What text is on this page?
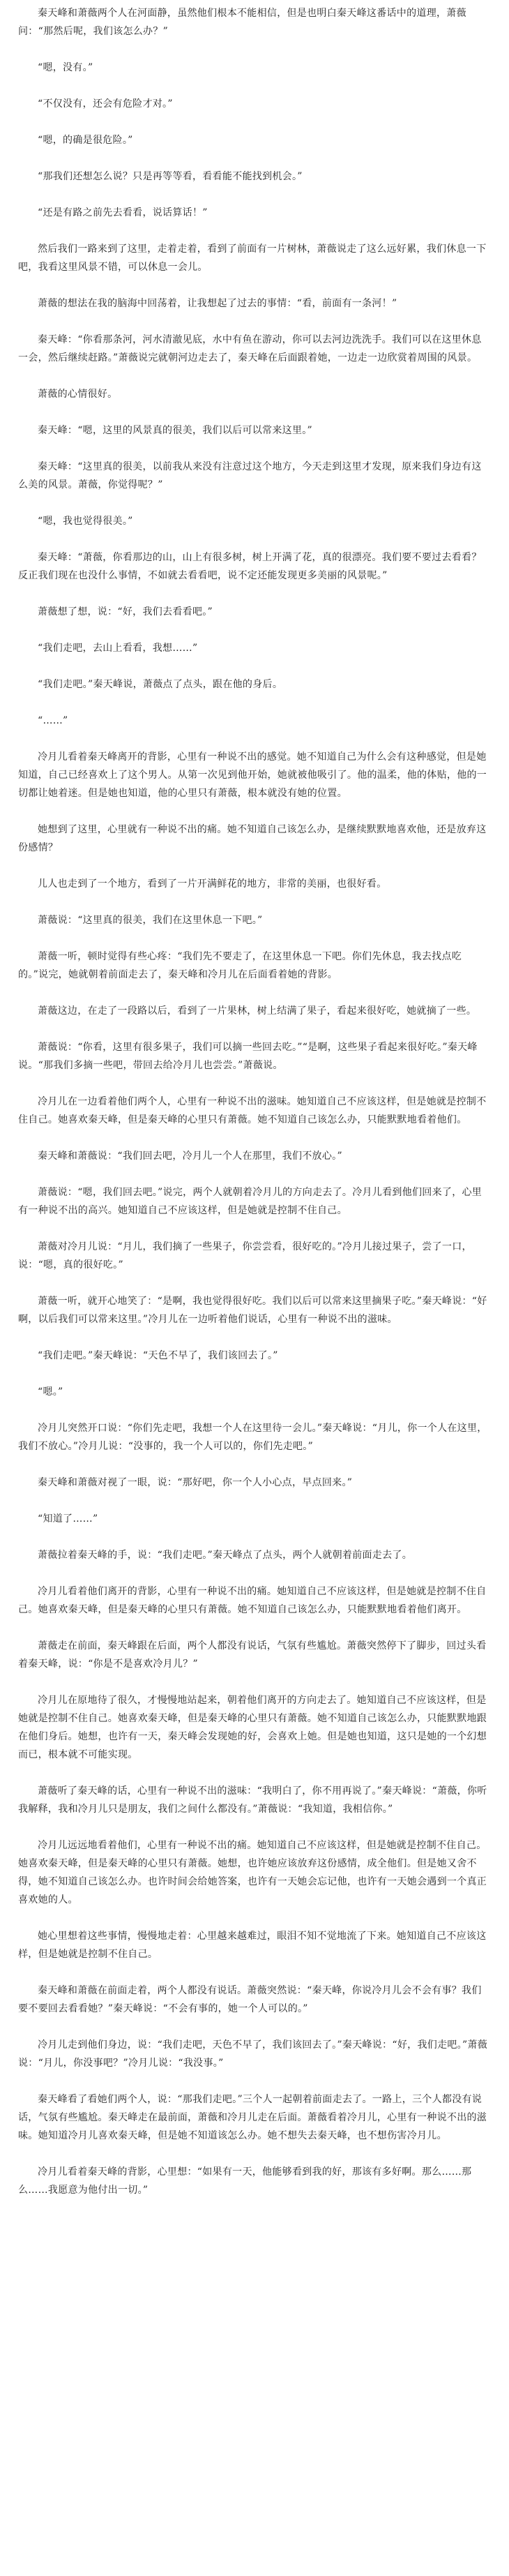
秦天峰和萧薇两个人在河面静，虽然他们根本不能相信，但是也明白秦天峰这番话中的道理，萧薇问：“那然后呢，我们该怎么办？”

“嗯，没有。”

“不仅没有，还会有危险才对。”

“嗯，的确是很危险。”

“那我们还想怎么说？只是再等等看，看看能不能找到机会。”

“还是有路之前先去看看，说话算话！”

然后我们一路来到了这里，走着走着，看到了前面有一片树林，萧薇说走了这么远好累，我们休息一下吧，我看这里风景不错，可以休息一会儿。

萧薇的想法在我的脑海中回荡着，让我想起了过去的事情：“看，前面有一条河！”

秦天峰：“你看那条河，河水清澈见底，水中有鱼在游动，你可以去河边洗洗手。我们可以在这里休息一会，然后继续赶路。”萧薇说完就朝河边走去了，秦天峰在后面跟着她，一边走一边欣赏着周围的风景。

萧薇的心情很好。

秦天峰：“嗯，这里的风景真的很美，我们以后可以常来这里。”

秦天峰：“这里真的很美，以前我从来没有注意过这个地方，今天走到这里才发现，原来我们身边有这么美的风景。萧薇，你觉得呢？”

“嗯，我也觉得很美。”

秦天峰：“萧薇，你看那边的山，山上有很多树，树上开满了花，真的很漂亮。我们要不要过去看看？反正我们现在也没什么事情，不如就去看看吧，说不定还能发现更多美丽的风景呢。”

萧薇想了想，说：“好，我们去看看吧。”

“我们走吧，去山上看看，我想……”

“我们走吧。”秦天峰说，萧薇点了点头，跟在他的身后。

“……”

冷月儿看着秦天峰离开的背影，心里有一种说不出的感觉。她不知道自己为什么会有这种感觉，但是她知道，自己已经喜欢上了这个男人。从第一次见到他开始，她就被他吸引了。他的温柔，他的体贴，他的一切都让她着迷。但是她也知道，他的心里只有萧薇，根本就没有她的位置。

她想到了这里，心里就有一种说不出的痛。她不知道自己该怎么办，是继续默默地喜欢他，还是放弃这份感情？

儿人也走到了一个地方，看到了一片开满鲜花的地方，非常的美丽，也很好看。

萧薇说：“这里真的很美，我们在这里休息一下吧。”

萧薇一听，顿时觉得有些心疼：“我们先不要走了，在这里休息一下吧。你们先休息，我去找点吃的。”说完，她就朝着前面走去了，秦天峰和冷月儿在后面看着她的背影。

萧薇这边，在走了一段路以后，看到了一片果林，树上结满了果子，看起来很好吃，她就摘了一些。

萧薇说：“你看，这里有很多果子，我们可以摘一些回去吃。”“是啊，这些果子看起来很好吃。”秦天峰说。“那我们多摘一些吧，带回去给冷月儿也尝尝。”萧薇说。

冷月儿在一边看着他们两个人，心里有一种说不出的滋味。她知道自己不应该这样，但是她就是控制不住自己。她喜欢秦天峰，但是秦天峰的心里只有萧薇。她不知道自己该怎么办，只能默默地看着他们。

秦天峰和萧薇说：“我们回去吧，冷月儿一个人在那里，我们不放心。”

萧薇说：“嗯，我们回去吧。”说完，两个人就朝着冷月儿的方向走去了。冷月儿看到他们回来了，心里有一种说不出的高兴。她知道自己不应该这样，但是她就是控制不住自己。

萧薇对冷月儿说：“月儿，我们摘了一些果子，你尝尝看，很好吃的。”冷月儿接过果子，尝了一口，说：“嗯，真的很好吃。”

萧薇一听，就开心地笑了：“是啊，我也觉得很好吃。我们以后可以常来这里摘果子吃。”秦天峰说：“好啊，以后我们可以常来这里。”冷月儿在一边听着他们说话，心里有一种说不出的滋味。

“我们走吧。”秦天峰说：“天色不早了，我们该回去了。”

“嗯。”

冷月儿突然开口说：“你们先走吧，我想一个人在这里待一会儿。”秦天峰说：“月儿，你一个人在这里，我们不放心。”冷月儿说：“没事的，我一个人可以的，你们先走吧。”

秦天峰和萧薇对视了一眼，说：“那好吧，你一个人小心点，早点回来。”

“知道了……”

萧薇拉着秦天峰的手，说：“我们走吧。”秦天峰点了点头，两个人就朝着前面走去了。

冷月儿看着他们离开的背影，心里有一种说不出的痛。她知道自己不应该这样，但是她就是控制不住自己。她喜欢秦天峰，但是秦天峰的心里只有萧薇。她不知道自己该怎么办，只能默默地看着他们离开。

萧薇走在前面，秦天峰跟在后面，两个人都没有说话，气氛有些尴尬。萧薇突然停下了脚步，回过头看着秦天峰，说：“你是不是喜欢冷月儿？”

冷月儿在原地待了很久，才慢慢地站起来，朝着他们离开的方向走去了。她知道自己不应该这样，但是她就是控制不住自己。她喜欢秦天峰，但是秦天峰的心里只有萧薇。她不知道自己该怎么办，只能默默地跟在他们身后。她想，也许有一天，秦天峰会发现她的好，会喜欢上她。但是她也知道，这只是她的一个幻想而已，根本就不可能实现。

萧薇听了秦天峰的话，心里有一种说不出的滋味：“我明白了，你不用再说了。”秦天峰说：“萧薇，你听我解释，我和冷月儿只是朋友，我们之间什么都没有。”萧薇说：“我知道，我相信你。”

冷月儿远远地看着他们，心里有一种说不出的痛。她知道自己不应该这样，但是她就是控制不住自己。她喜欢秦天峰，但是秦天峰的心里只有萧薇。她想，也许她应该放弃这份感情，成全他们。但是她又舍不得，她不知道自己该怎么办。也许时间会给她答案，也许有一天她会忘记他，也许有一天她会遇到一个真正喜欢她的人。

她心里想着这些事情，慢慢地走着：心里越来越难过，眼泪不知不觉地流了下来。她知道自己不应该这样，但是她就是控制不住自己。

秦天峰和萧薇在前面走着，两个人都没有说话。萧薇突然说：“秦天峰，你说冷月儿会不会有事？我们要不要回去看看她？”秦天峰说：“不会有事的，她一个人可以的。”

冷月儿走到他们身边，说：“我们走吧，天色不早了，我们该回去了。”秦天峰说：“好，我们走吧。”萧薇说：“月儿，你没事吧？”冷月儿说：“我没事。”

秦天峰看了看她们两个人，说：“那我们走吧。”三个人一起朝着前面走去了。一路上，三个人都没有说话，气氛有些尴尬。秦天峰走在最前面，萧薇和冷月儿走在后面。萧薇看着冷月儿，心里有一种说不出的滋味。她知道冷月儿喜欢秦天峰，但是她不知道该怎么办。她不想失去秦天峰，也不想伤害冷月儿。

冷月儿看着秦天峰的背影，心里想：“如果有一天，他能够看到我的好，那该有多好啊。那么……那么……我愿意为他付出一切。”
